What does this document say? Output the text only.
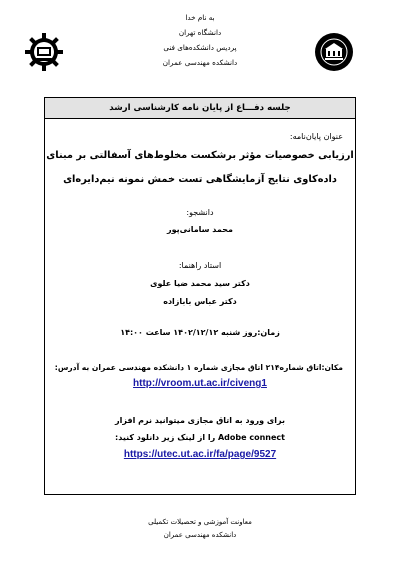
به نام خدا
دانشگاه تهران
پردیس دانشکده‌های فنی
دانشکده مهندسی عمران
جلسه دفـــاع از پایان نامه کارشناسی ارشد
عنوان پایان‌نامه:
ارزیابی خصوصیات مؤثر برشکست مخلوط‌های آسفالتی بر مبنای
داده‌کاوی نتایج آزمایشگاهی تست خمش نمونه نیم‌دایره‌ای
دانشجو:
محمد سامانی‌پور
استاد راهنما:
دکتر سید محمد ضیا علوی
دکتر عباس بابازاده
زمان:روز شنبه ۱۴۰۲/۱۲/۱۲ ساعت ۱۴:۰۰
مکان:اتاق شماره۲۱۴ اتاق مجازی شماره ۱ دانشکده مهندسی عمران به آدرس:
http://vroom.ut.ac.ir/civeng1
برای ورود به اتاق مجازی میتوانید نرم افزار
Adobe connect را از لینک زیر دانلود کنید:
https://utec.ut.ac.ir/fa/page/9527
معاونت آموزشی و تحصیلات تکمیلی
دانشکده مهندسی عمران
